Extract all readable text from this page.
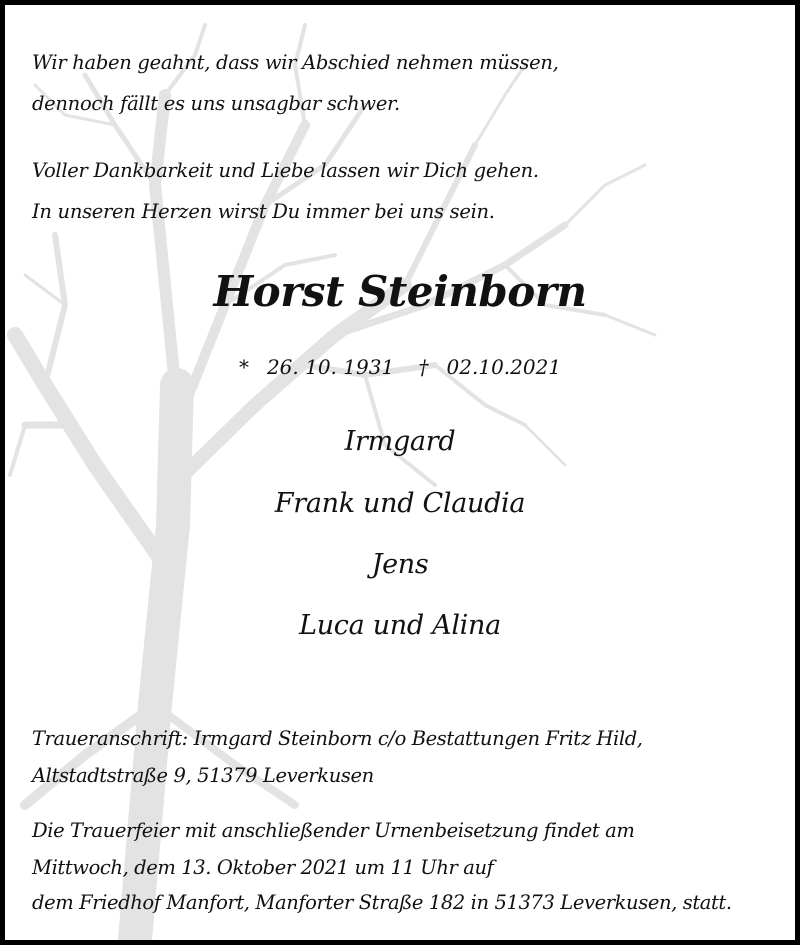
Wir haben geahnt, dass wir Abschied nehmen müssen,

dennoch fällt es uns unsagbar schwer.

Voller Dankbarkeit und Liebe lassen wir Dich gehen.

In unseren Herzen wirst Du immer bei uns sein.

Horst Steinborn

* 26. 10. 1931 † 02.10.2021

Irmgard

Frank und Claudia

Jens

Luca und Alina

Traueranschrift: Irmgard Steinborn c/o Bestattungen Fritz Hild,

Altstadtstraße 9, 51379 Leverkusen

Die Trauerfeier mit anschließender Urnenbeisetzung findet am

Mittwoch, dem 13. Oktober 2021 um 11 Uhr auf

dem Friedhof Manfort, Manforter Straße 182 in 51373 Leverkusen, statt.
